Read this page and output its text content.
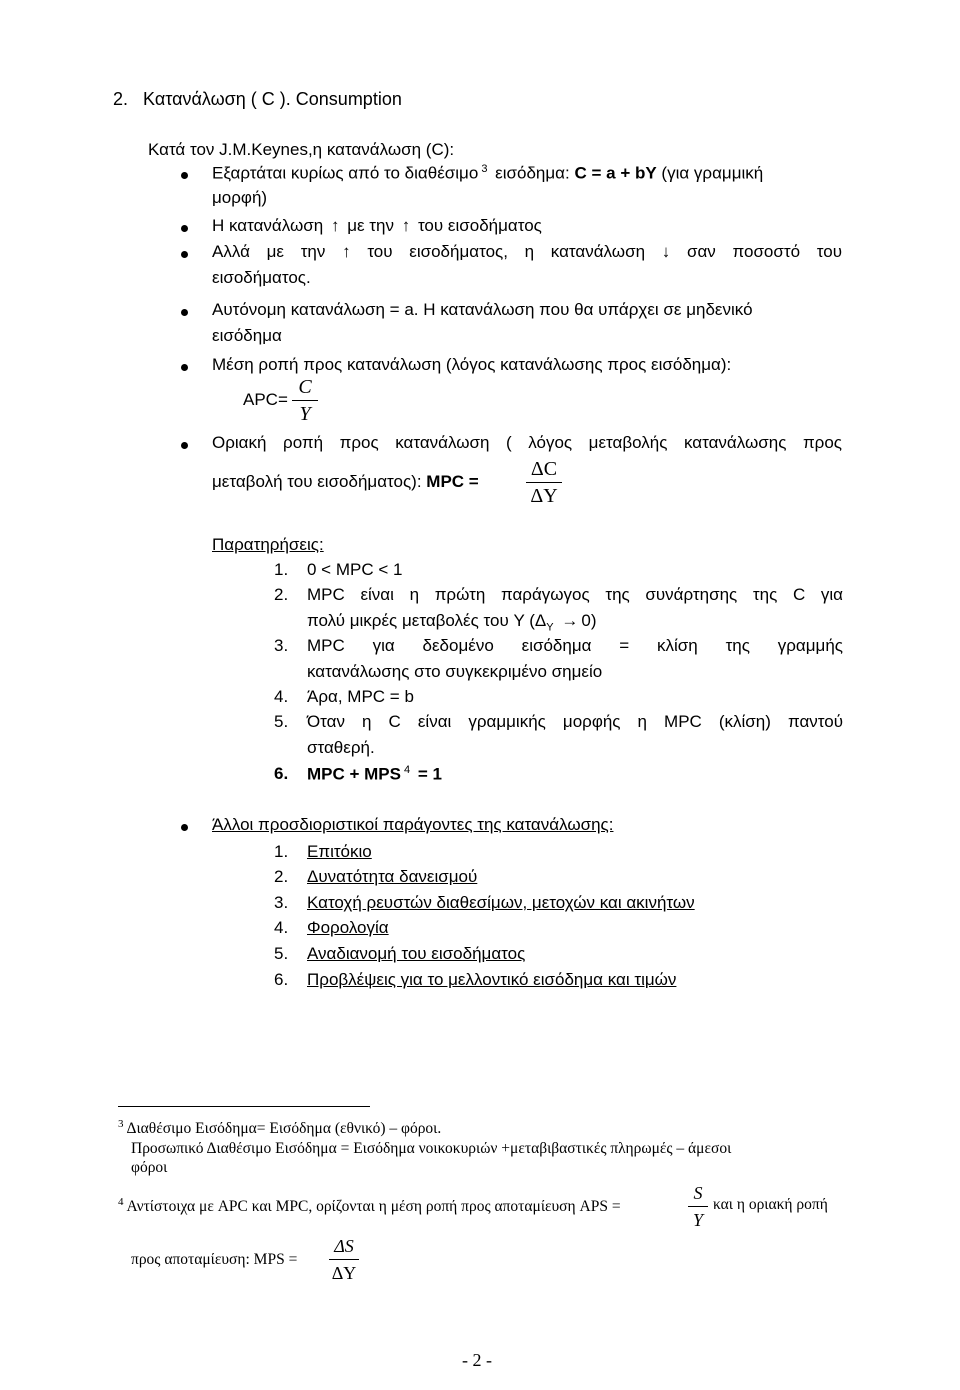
2. Κατανάλωση ( C ). Consumption
Κατά τον J.M.Keynes,η κατανάλωση (C):
Εξαρτάται κυρίως από το διαθέσιμο $^3$ εισόδημα: C = a + bY (για γραμμική
μορφή)
Η κατανάλωση ↑ με την ↑ του εισοδήματος
Αλλά με την ↑ του εισοδήματος, η κατανάλωση ↓ σαν ποσοστό του
εισοδήματος.
Αυτόνομη κατανάλωση = a. Η κατανάλωση που θα υπάρχει σε μηδενικό
εισόδημα
Μέση ροπή προς κατανάλωση (λόγος κατανάλωσης προς εισόδημα):
APC=
C
Y
Οριακή ροπή προς κατανάλωση ( λόγος μεταβολής κατανάλωσης προς
μεταβολή του εισοδήματος): MPC =
ΔC
ΔY
Παρατηρήσεις:
1. 0 < MPC < 1
2. MPC είναι η πρώτη παράγωγος της συνάρτησης της C για
πολύ μικρές μεταβολές του Y $(\Delta_Y \to 0)$
3. MPC για δεδομένο εισόδημα = κλίση της γραμμής
κατανάλωσης στο συγκεκριμένο σημείο
4. Άρα, MPC = b
5. Όταν η C είναι γραμμικής μορφής η MPC (κλίση) παντού
σταθερή.
6. MPC + MPS $^4$ = 1
Άλλοι προσδιοριστικοί παράγοντες της κατανάλωσης:
1. Επιτόκιο
2. Δυνατότητα δανεισμού
3. Κατοχή ρευστών διαθεσίμων, μετοχών και ακινήτων
4. Φορολογία
5. Αναδιανομή του εισοδήματος
6. Προβλέψεις για το μελλοντικό εισόδημα και τιμών
$^3$ Διαθέσιμο Εισόδημα= Εισόδημα (εθνικό) – φόροι.
Προσωπικό Διαθέσιμο Εισόδημα = Εισόδημα νοικοκυριών +μεταβιβαστικές πληρωμές – άμεσοι
φόροι
$^4$ Αντίστοιχα με APC και MPC, ορίζονται η μέση ροπή προς αποταμίευση APS =
S
Y
και η οριακή ροπή
προς αποταμίευση: MPS =
ΔS
ΔY
- 2 -
